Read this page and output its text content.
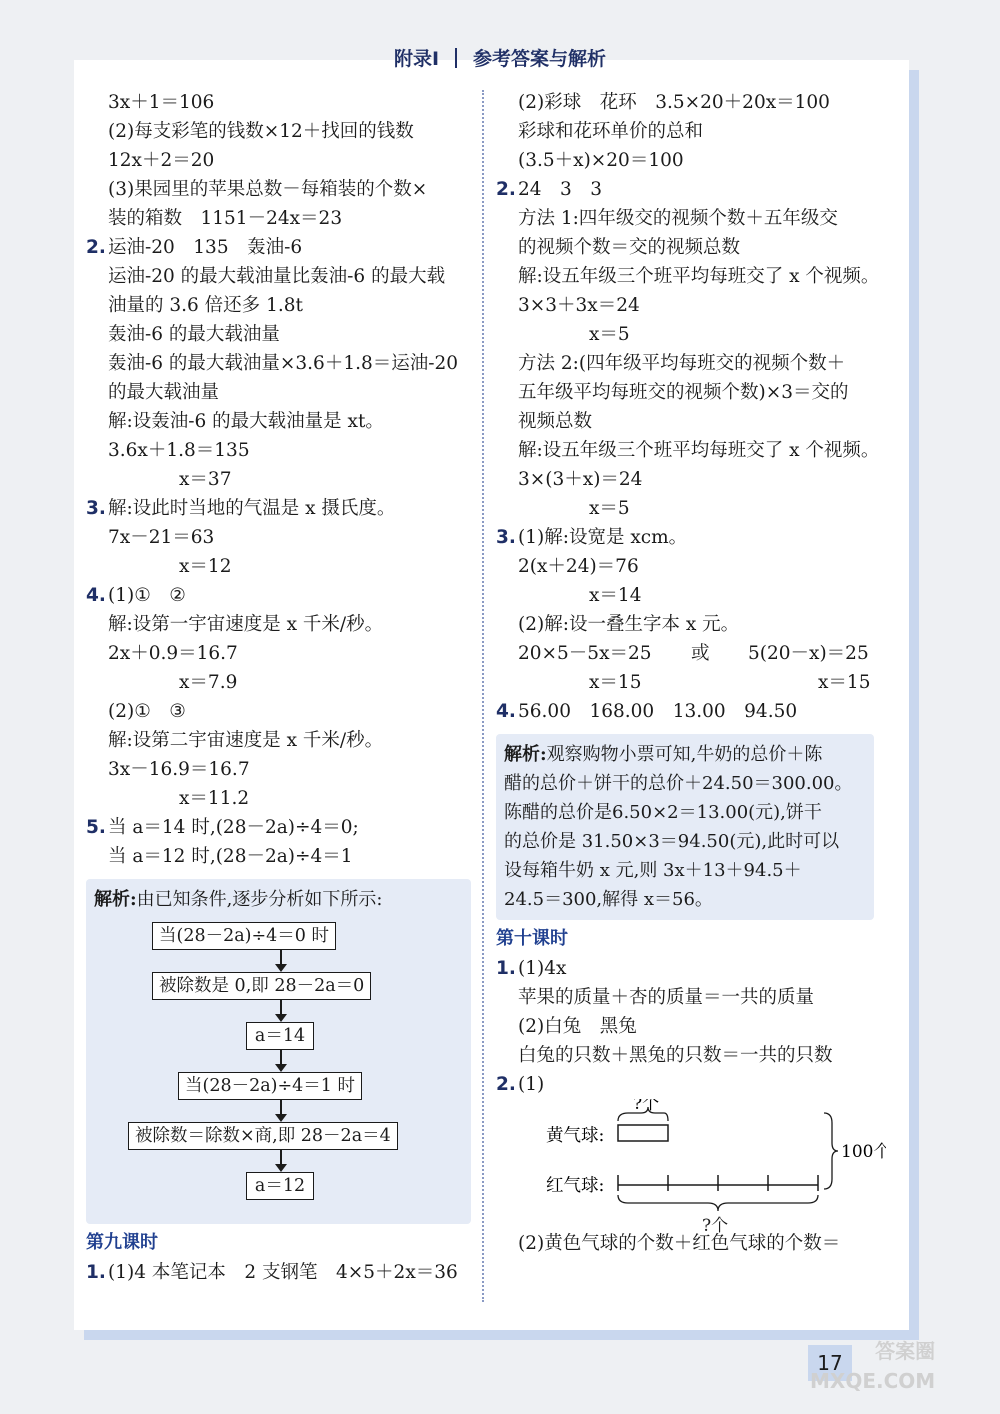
附录Ⅰ 参考答案与解析
3x＋1＝106
(2)每支彩笔的钱数×12＋找回的钱数
12x＋2＝20
(3)果园里的苹果总数－每箱装的个数×
装的箱数　1151－24x＝23
2. 运油-20　135　轰油-6
运油-20 的最大载油量比轰油-6 的最大载
油量的 3.6 倍还多 1.8t
轰油-6 的最大载油量
轰油-6 的最大载油量×3.6＋1.8＝运油-20
的最大载油量
解:设轰油-6 的最大载油量是 xt。
3.6x＋1.8＝135
x＝37
3. 解:设此时当地的气温是 x 摄氏度。
7x－21＝63
x＝12
4. (1)①　②
解:设第一宇宙速度是 x 千米/秒。
2x＋0.9＝16.7
x＝7.9
(2)①　③
解:设第二宇宙速度是 x 千米/秒。
3x－16.9＝16.7
x＝11.2
5. 当 a＝14 时,(28－2a)÷4＝0;
当 a＝12 时,(28－2a)÷4＝1
解析:由已知条件,逐步分析如下所示:
当(28－2a)÷4＝0 时
被除数是 0,即 28－2a＝0
a＝14
当(28－2a)÷4＝1 时
被除数＝除数×商,即 28－2a＝4
a＝12
第九课时
1. (1)4 本笔记本　2 支钢笔　4×5＋2x＝36
(2)彩球　花环　3.5×20＋20x＝100
彩球和花环单价的总和
(3.5＋x)×20＝100
2. 24　3　3
方法 1:四年级交的视频个数＋五年级交
的视频个数＝交的视频总数
解:设五年级三个班平均每班交了 x 个视频。
3×3＋3x＝24
x＝5
方法 2:(四年级平均每班交的视频个数＋
五年级平均每班交的视频个数)×3＝交的
视频总数
解:设五年级三个班平均每班交了 x 个视频。
3×(3＋x)＝24
x＝5
3. (1)解:设宽是 xcm。
2(x＋24)＝76
x＝14
(2)解:设一叠生字本 x 元。
20×5－5x＝25 或 5(20－x)＝25
x＝15	x＝15
4. 56.00　168.00　13.00　94.50
解析:观察购物小票可知,牛奶的总价＋陈
醋的总价＋饼干的总价＋24.50＝300.00。
陈醋的总价是6.50×2＝13.00(元),饼干
的总价是 31.50×3＝94.50(元),此时可以
设每箱牛奶 x 元,则 3x＋13＋94.5＋
24.5＝300,解得 x＝56。
第十课时
1. (1)4x
苹果的质量＋杏的质量＝一共的质量
(2)白兔　黑兔
白兔的只数＋黑兔的只数＝一共的只数
2. (1)
?个
黄气球:
红气球:
100个
?个
(2)黄色气球的个数＋红色气球的个数＝
17	答案圈
MXQE.COM
